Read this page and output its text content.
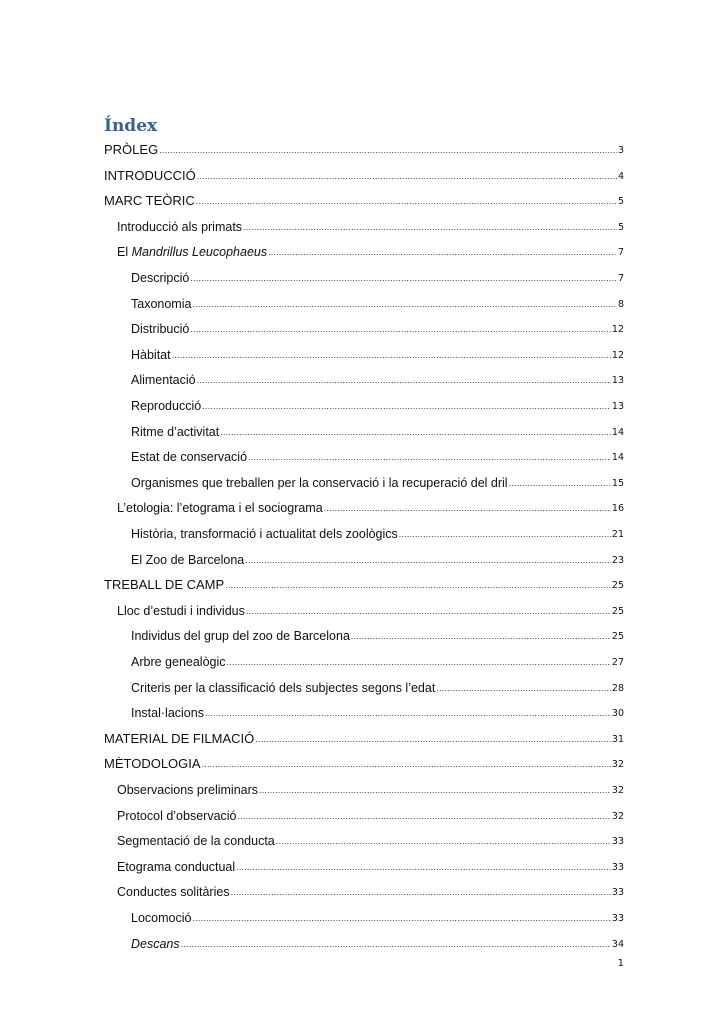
Índex
PRÒLEG .....	3
INTRODUCCIÓ .....	4
MARC TEÒRIC .....	5
Introducció als primats .....	5
El Mandrillus Leucophaeus .....	7
Descripció .....	7
Taxonomia .....	8
Distribució .....	12
Hàbitat .....	12
Alimentació .....	13
Reproducció .....	13
Ritme d’activitat .....	14
Estat de conservació .....	14
Organismes que treballen per la conservació i la recuperació del dril .....	15
L’etologia: l’etograma i el sociograma .....	16
Història, transformació i actualitat dels zoològics .....	21
El Zoo de Barcelona .....	23
TREBALL DE CAMP .....	25
Lloc d’estudi i individus .....	25
Individus del grup del zoo de Barcelona .....	25
Arbre genealògic .....	27
Criteris per la classificació dels subjectes segons l’edat .....	28
Instal·lacions .....	30
MATERIAL DE FILMACIÓ .....	31
MÈTODOLOGIA .....	32
Observacions preliminars .....	32
Protocol d’observació .....	32
Segmentació de la conducta .....	33
Etograma conductual .....	33
Conductes solitàries .....	33
Locomoció .....	33
Descans .....	34
1
